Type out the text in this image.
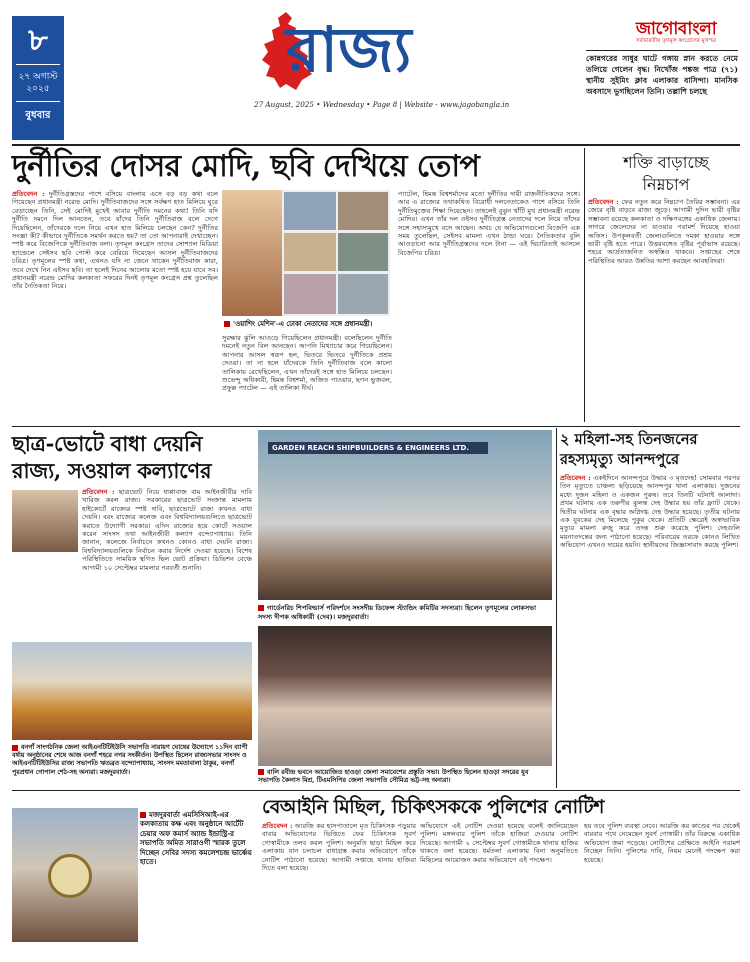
৮
২৭ অগাস্ট ২০২৫
বুধবার
রাজ্য
27 August, 2025 • Wednesday • Page 8 | Website - www.jagobangla.in
জাগোবাংলা
সর্বভারতীয় তৃণমূল কংগ্রেসের মুখপত্র
কোন্নগরের সাধুর ঘাটে গঙ্গায় স্নান করতে নেমে তলিয়ে গেলেন বৃদ্ধ। নিখোঁজ পঙ্কজ পাত্র (৭১) স্থানীয় সুইমিং ক্লাব এলাকার বাসিন্দা। মানসিক অবসাদে ভুগছিলেন তিনি। তল্লাশি চলছে
দুর্নীতির দোসর মোদি, ছবি দেখিয়ে তোপ

প্রতিবেদন : দুর্নীতিগ্রস্তদের পাশে বসিয়ে বাংলায় এসে বড় বড় কথা বলে গিয়েছেন প্রধানমন্ত্রী নরেন্দ্র মোদি। দুর্নীতিবাজদের সঙ্গে সর্বক্ষণ হাত মিলিয়ে ঘুরে বেড়াচ্ছেন তিনি, সেই মোদিই মুখেই আবার দুর্নীতি দমনের কথা! তিনি যদি দুর্নীতি দমনে দিল আনতেন, তবে যাঁদের তিনি দুর্নীতিবাজ বলে দেগে দিয়েছিলেন, তাঁদেরকে দলে নিয়ে এখন হাত মিলিয়ে চলছেন কেন? দুর্নীতির সংজ্ঞা কী? কীভাবে দুর্নীতিকে সমর্থন করতে হয়? তা তো আপনারাই দেখাচ্ছেন। স্পষ্ট করে বিজেপিকে দুর্নীতিবাজ বলা। তৃণমূল কংগ্রেস তাদের সোশ্যাল মিডিয়া হ্যান্ডেলে সেইসব ছবি পোস্ট করে বেরিয়ে দিয়েছেন আসল দুর্নীতিবাজদের চরিত্র। তৃণমূলের স্পষ্ট কথা, এখনও যদি না জেনে থাকেন দুর্নীতিবাজ কারা, তবে দেখে নিন এইসব ছবি। তা হলেই দিনের আলোর মতো স্পষ্ট হয়ে যাবে সব। প্রধানমন্ত্রী নরেন্দ্র মোদির কলকাতা সফরের দিনই তৃণমূল কংগ্রেস প্রশ্ন তুলেছিল তাঁর নৈতিকতা নিয়ে।

'ওয়াশিং মেশিন'-এ ঢোকা নেতাদের সঙ্গে প্রধানমন্ত্রী।

সুরক্ষার ঝুলি আওড়ে গিয়েছিলেন প্রধানমন্ত্রী। বলেছিলেন দুর্নীতি দমনেই নতুন বিল আনছেন। আপনি মিথ্যাচার করে গিয়েছিলেন। আপনার আসল স্বরূপ হল, ভিতরে ভিতরে দুর্নীতিকে প্রশ্রয় দেওয়া। তা না হলে যাঁদেরকে তিনি দুর্নীতিবাজ বলে কালো তালিকায় রেখেছিলেন, এখন তাঁদেরই সঙ্গে হাত মিলিয়ে চলছেন। শুভেন্দু অধিকারী, হিমন্ত বিশ্বশর্মা, অজিত পাওয়ার, ছগন ভুজবল, প্রফুল্ল প্যাটেল — এই তালিকা দীর্ঘ।

প্যাটেল, হিমন্ত বিশ্বশর্মাদের মতো দুর্নীতির দায়ী রাজনীতিকদের সঙ্গে। আর এ রাজ্যের তথাকথিত বিরোধী দলনেতাকেও পাশে বসিয়ে তিনি দুর্নীতিমুক্তের শিক্ষা দিয়েছেন। তাহলেই বুঝুন খাঁটি মুখ প্রধানমন্ত্রী নরেন্দ্র মোদির। এখন তাঁর দল ওইসব দুর্নীতিগ্রস্ত নেতাদের দলে নিয়ে তাঁদের সঙ্গে সহাস্যমুখে বসে আছেন। অথচ যে অভিযোগগুলো বিজেপি এক সময় তুলেছিল, সেইসব মামলা এখন ঠান্ডা ঘরে। নৈতিকতার বুলি আওড়ানো আর দুর্নীতিগ্রস্তদের দলে টানা — এই দ্বিচারিতাই আসলে বিজেপির চরিত্র।

শক্তি বাড়াচ্ছে নিম্নচাপ

প্রতিবেদন : ফের নতুন করে নিম্নচাপ তৈরির সম্ভাবনা। এর জেরে বৃষ্টি বাড়বে রাজ্য জুড়ে। আগামী দুদিন ভারী বৃষ্টির সম্ভাবনা রয়েছে কলকাতা ও দক্ষিণবঙ্গের একাধিক জেলায়। সাগরে জেলেদের না যাওয়ার পরামর্শ দিয়েছে হাওয়া অফিস। উপকূলবর্তী জেলাগুলিতে দমকা হাওয়ার সঙ্গে ভারী বৃষ্টি হতে পারে। উত্তরবঙ্গেও বৃষ্টির পূর্বাভাস রয়েছে। শহরে আর্দ্রতাজনিত অস্বস্তিও থাকবে। সপ্তাহের শেষে পরিস্থিতির আরও উন্নতির আশা করছেন আবহবিদরা।

ছাত্র-ভোটে বাধা দেয়নি রাজ্য, সওয়াল কল্যাণের

প্রতিবেদন : ছাত্রভোট নিয়ে ধাপ্পাবাজ বাম আইনজীবীর দাবি খারিজ করল রাজ্য। সরকারের ছাত্রভোট সংক্রান্ত মামলায় হাইকোর্টে রাজ্যের স্পষ্ট দাবি, ছাত্রভোটে রাজ্য কখনও বাধা দেয়নি। বরং রাজ্যের কলেজ এবং বিশ্ববিদ্যালয়গুলিতে ছাত্রভোট করাতে উদ্যোগী সরকার। এদিন রাজ্যের হয়ে কোর্টে সওয়াল করেন সাংসদ তথা আইনজীবী কল্যাণ বন্দ্যোপাধ্যায়। তিনি জানান, কলেজে নির্বাচনে কখনও কোনও বাধা দেয়নি রাজ্য। বিশ্ববিদ্যালয়গুলিকে নির্বাচন করার নির্দেশ দেওয়া হয়েছে। বিশেষ পরিস্থিতিতে সাময়িক স্থগিত ছিল ভোট প্রক্রিয়া। ডিভিশন বেঞ্চে আগামী ১০ সেপ্টেম্বর মামলার পরবর্তী শুনানি।

বনগাঁ সাংগঠনিক জেলা আইএনটিটিইউসি সভাপতি নারায়ণ ঘোষের উদ্যোগে ১১দিন ব্যাপী বর্ষায় অনুষ্ঠানের শেষে আজ বনগাঁ শহরে নগর সংকীর্তন। উপস্থিত ছিলেন রাজ্যসভার সাংসদ ও আইএনটিটিইউসির রাজ্য সভাপতি ঋতব্রত বন্দ্যোপাধ্যায়, সাংসদ মমতাবালা ঠাকুর, বনগাঁ পুরপ্রধান গোপাল শেঠ-সহ অন্যরা। মজদুরবার্তা।
GARDEN REACH SHIPBUILDERS & ENGINEERS LTD.
গার্ডেনরিচ শিপবিল্ডার্স পরিদর্শনে সংসদীয় ডিফেন্স স্ট্যান্ডিং কমিটির সদস্যরা। ছিলেন তৃণমূলের লোকসভা সদস্য দীপক অধিকারী (দেব)। মজদুরবার্তা।
বালি রবীন্দ্র ভবনে আয়োজিত হাওড়া জেলা সমাবেশের প্রস্তুতি সভা। উপস্থিত ছিলেন হাওড়া সদরের যুব সভাপতি কৈলাস মিশ্র, টিএমসিপির জেলা সভাপতি সৌমিত্র ভট্ট-সহ অন্যরা।
২ মহিলা-সহ তিনজনের রহস্যমৃত্যু আনন্দপুরে

প্রতিবেদন : একইদিনে আনন্দপুরে উদ্ধার ৩ মৃতদেহ! সোমবার পরপর তিন মৃত্যুতে চাঞ্চল্য ছড়িয়েছে আনন্দপুর থানা এলাকায়। দুজনের মধ্যে দুজন মহিলা ও একজন পুরুষ। তবে তিনটি ঘটনাই আলাদা। প্রথম ঘটনায় এক তরুণীর ঝুলন্ত দেহ উদ্ধার হয় তাঁর ফ্ল্যাট থেকে। দ্বিতীয় ঘটনায় এক বৃদ্ধার অগ্নিদগ্ধ দেহ উদ্ধার হয়েছে। তৃতীয় ঘটনায় এক যুবকের দেহ মিলেছে পুকুর থেকে। প্রতিটি ক্ষেত্রেই অস্বাভাবিক মৃত্যুর মামলা রুজু করে তদন্ত শুরু করেছে পুলিশ। দেহগুলি ময়নাতদন্তের জন্য পাঠানো হয়েছে। পরিবারের তরফে কোনও লিখিত অভিযোগ এখনও দায়ের হয়নি। স্থানীয়দের জিজ্ঞাসাবাদ করছে পুলিশ।

মজদুরবার্তা এমসিসিআই-এর কলকাতায় কক্ষ এবং অনুষ্ঠানে আর্টেট চেয়ার অফ কমার্স অ্যান্ড ইন্ডাস্ট্রি-র সভাপতি অমিত সারাওগী স্মারক তুলে দিচ্ছেন সেবির সদস্য কমলেশচন্দ্র ভার্ষ্ণেয় হাতে।
বেআইনি মিছিল, চিকিৎসককে পুলিশের নোটিশ

প্রতিবেদন : আরজি কর হাসপাতালে মৃত চিকিৎসক পড়ুয়ার বাবার অভিযোগের ভিত্তিতে ফের চিকিৎসক সুবর্ণ গোস্বামীকে তলব করল পুলিশ। অনুমতি ছাড়া মিছিল করে এলাকায় যান চলাচল বাধাগ্রস্ত করার অভিযোগে তাঁকে নোটিশ পাঠানো হয়েছে। আগামী সপ্তাহে থানায় হাজিরা দিতে বলা হয়েছে।

অভিযোগে এই নোটিশ দেওয়া হয়েছে বলেই জানিয়েছেন পুলিশ। মঙ্গলবার পুলিশ তাঁকে হাজিরা দেওয়ার নোটিশ দিয়েছে। আগামী ২ সেপ্টেম্বর সুবর্ণ গোস্বামীকে থানায় হাজির থাকতে বলা হয়েছে। ধর্মতলা এলাকায় বিনা অনুমতিতে মিছিলের আয়োজন করার অভিযোগে এই পদক্ষেপ।

হয় তবে পুলিশ ব্যবস্থা নেবে। আরজি কর কাণ্ডের পর থেকেই বারবার পথে নেমেছেন সুবর্ণ গোস্বামী। তাঁর বিরুদ্ধে একাধিক অভিযোগ জমা পড়েছে। নোটিশের প্রেক্ষিতে আইনি পরামর্শ নিচ্ছেন তিনি। পুলিশের দাবি, নিয়ম মেনেই পদক্ষেপ করা হয়েছে।
